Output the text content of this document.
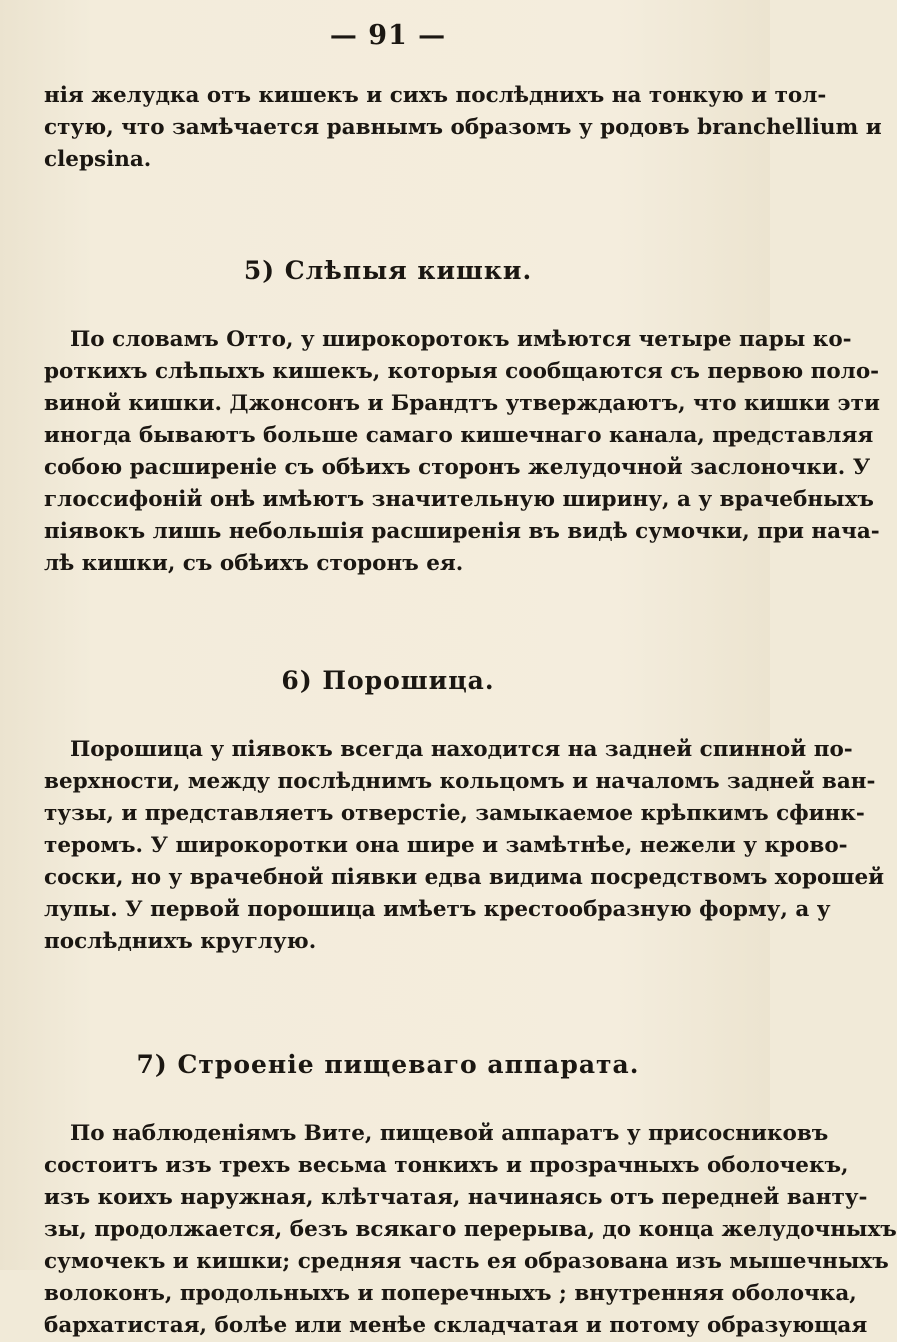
— 91 —
нія желудка отъ кишекъ и сихъ послѣднихъ на тонкую и тол-
стую, что замѣчается равнымъ образомъ у родовъ branchellium и
clepsina.
5) Слѣпыя кишки.
По словамъ Отто, у широкоротокъ имѣются четыре пары ко-
роткихъ слѣпыхъ кишекъ, которыя сообщаются съ первою поло-
виной кишки. Джонсонъ и Брандтъ утверждаютъ, что кишки эти
иногда бываютъ больше самаго кишечнаго канала, представляя
собою расширеніе съ обѣихъ сторонъ желудочной заслоночки. У
глоссифоній онѣ имѣютъ значительную ширину, а у врачебныхъ
піявокъ лишь небольшія расширенія въ видѣ сумочки, при нача-
лѣ кишки, съ обѣихъ сторонъ ея.
6) Порошица.
Порошица у піявокъ всегда находится на задней спинной по-
верхности, между послѣднимъ кольцомъ и началомъ задней ван-
тузы, и представляетъ отверстіе, замыкаемое крѣпкимъ сфинк-
теромъ. У широкоротки она шире и замѣтнѣе, нежели у крово-
соски, но у врачебной піявки едва видима посредствомъ хорошей
лупы. У первой порошица имѣетъ крестообразную форму, а у
послѣднихъ круглую.
7) Строеніе пищеваго аппарата.
По наблюденіямъ Вите, пищевой аппаратъ у присосниковъ
состоитъ изъ трехъ весьма тонкихъ и прозрачныхъ оболочекъ,
изъ коихъ наружная, клѣтчатая, начинаясь отъ передней ванту-
зы, продолжается, безъ всякаго перерыва, до конца желудочныхъ
сумочекъ и кишки; средняя часть ея образована изъ мышечныхъ
волоконъ, продольныхъ и поперечныхъ ; внутренняя оболочка,
бархатистая, болѣе или менѣе складчатая и потому образующая
